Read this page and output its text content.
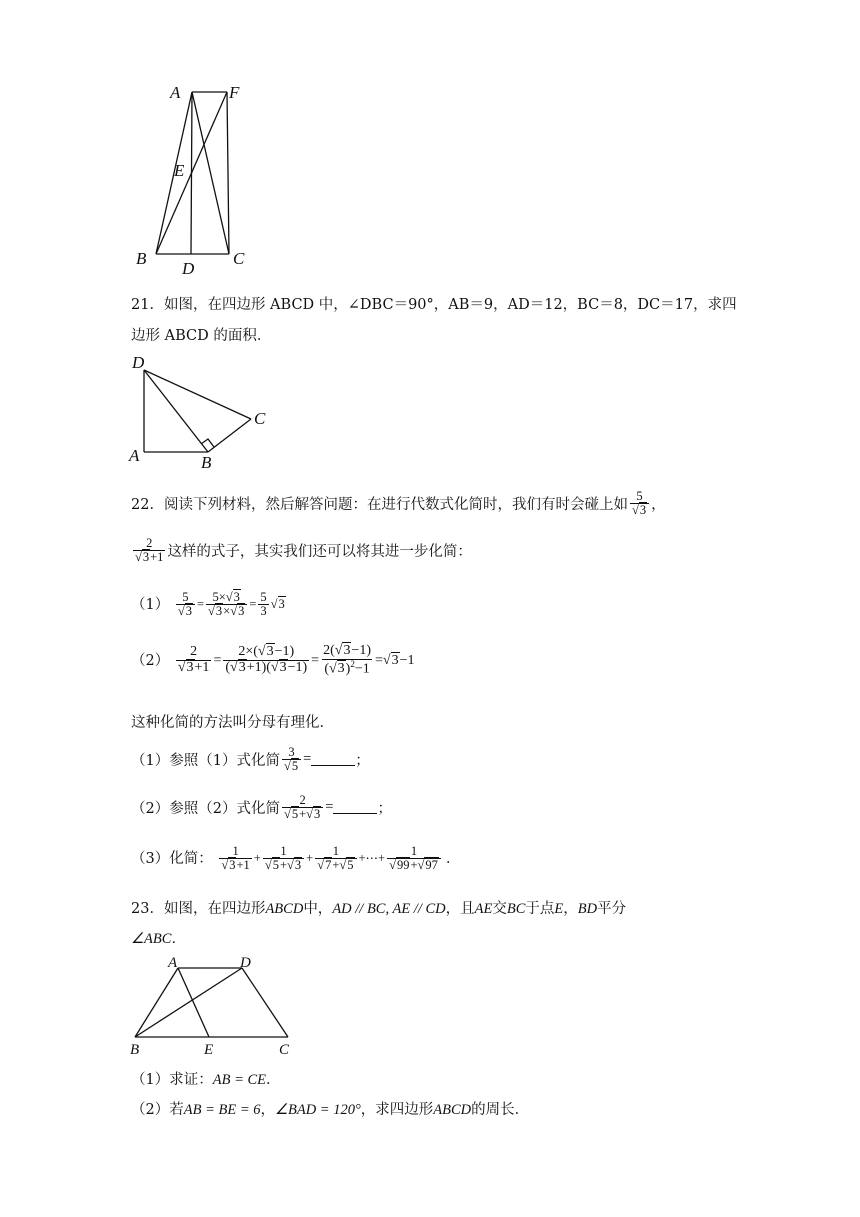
A	F
E
B
D
C
21．如图，在四边形 ABCD 中，∠DBC＝90°，AB＝9，AD＝12，BC＝8，DC＝17，求四
边形 ABCD 的面积．
D
C
A	B
22．阅读下列材料，然后解答问题：在进行代数式化简时，我们有时会碰上如 $\frac{5}{√3}$ ，
$\frac{2}{√3+1}$ 这样的式子，其实我们还可以将其进一步化简：
$(1) \frac{5}{√3} = \frac{5\times√3}{√3\times√3} = \frac{5}{3} √3$
$(2) \frac{2}{√3+1} = \frac{2\times(√3-1)}{(√3+1)(√3-1)} = \frac{2(√3-1)}{(√3)^2-1} =√3-1$
这种化简的方法叫分母有理化．
（1）参照（1）式化简 $\frac{3}{√5}$ =	；
（2）参照（2）式化简 $\frac{2}{√5+√3}$ =	；
（3）化简： $\frac{1}{√3+1} + \frac{1}{√5+√3} + \frac{1}{√7+√5}$ +⋯+ $\frac{1}{√99+√97}$ ．
23．如图，在四边形ABCD中，AD // BC, AE // CD，且AE交BC于点E，BD平分
∠ABC．
A	D
B	E	C
（1）求证：AB = CE．
（2）若AB = BE = 6，∠BAD = 120°，求四边形ABCD的周长．
